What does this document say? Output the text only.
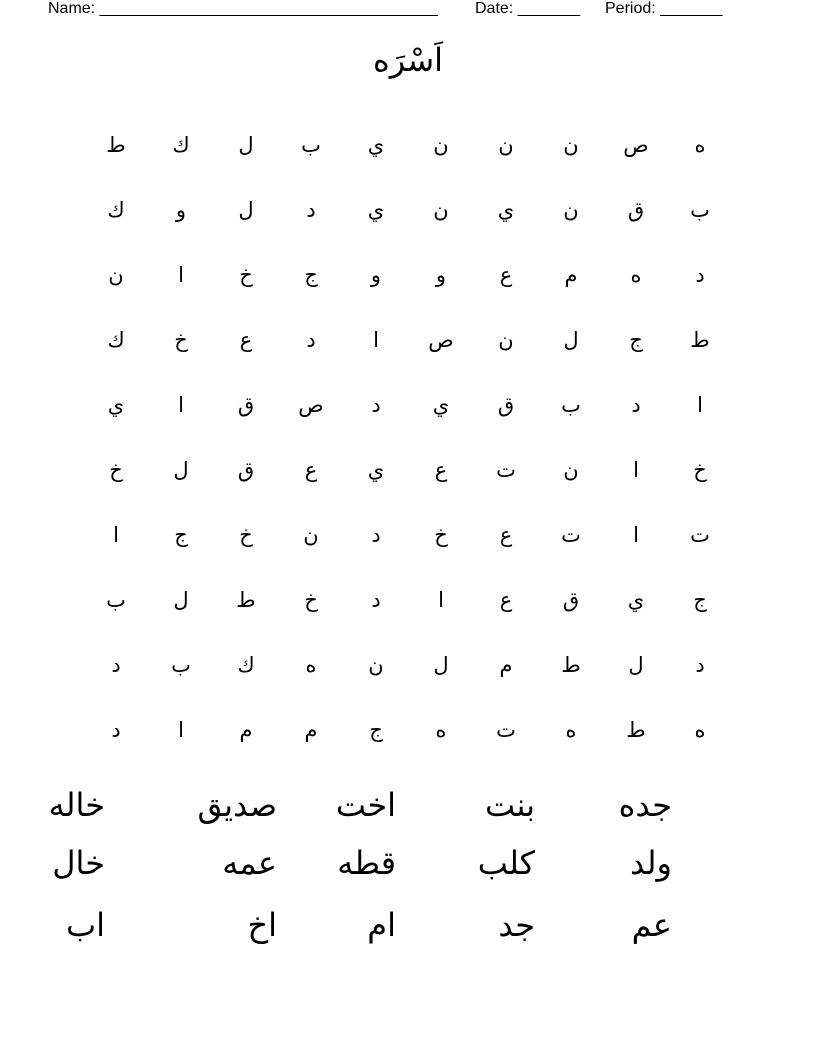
Name: ______________________________________

Date: _______

Period: _______

اَسْرَه
ه
ص
ن
ن
ن
ي
ب
ل
ك
ط
ب
ق
ن
ي
ن
ي
د
ل
و
ك
د
ه
م
ع
و
و
ج
خ
ا
ن
ط
ج
ل
ن
ص
ا
د
ع
خ
ك
ا
د
ب
ق
ي
د
ص
ق
ا
ي
خ
ا
ن
ت
ع
ي
ع
ق
ل
خ
ت
ا
ت
ع
خ
د
ن
خ
ج
ا
ج
ي
ق
ع
ا
د
خ
ط
ل
ب
د
ل
ط
م
ل
ن
ه
ك
ب
د
ه
ط
ه
ت
ه
ج
م
م
ا
د
جده
بنت
اخت
صديق
خاله
ولد
كلب
قطه
عمه
خال
عم
جد
ام
اخ
اب
